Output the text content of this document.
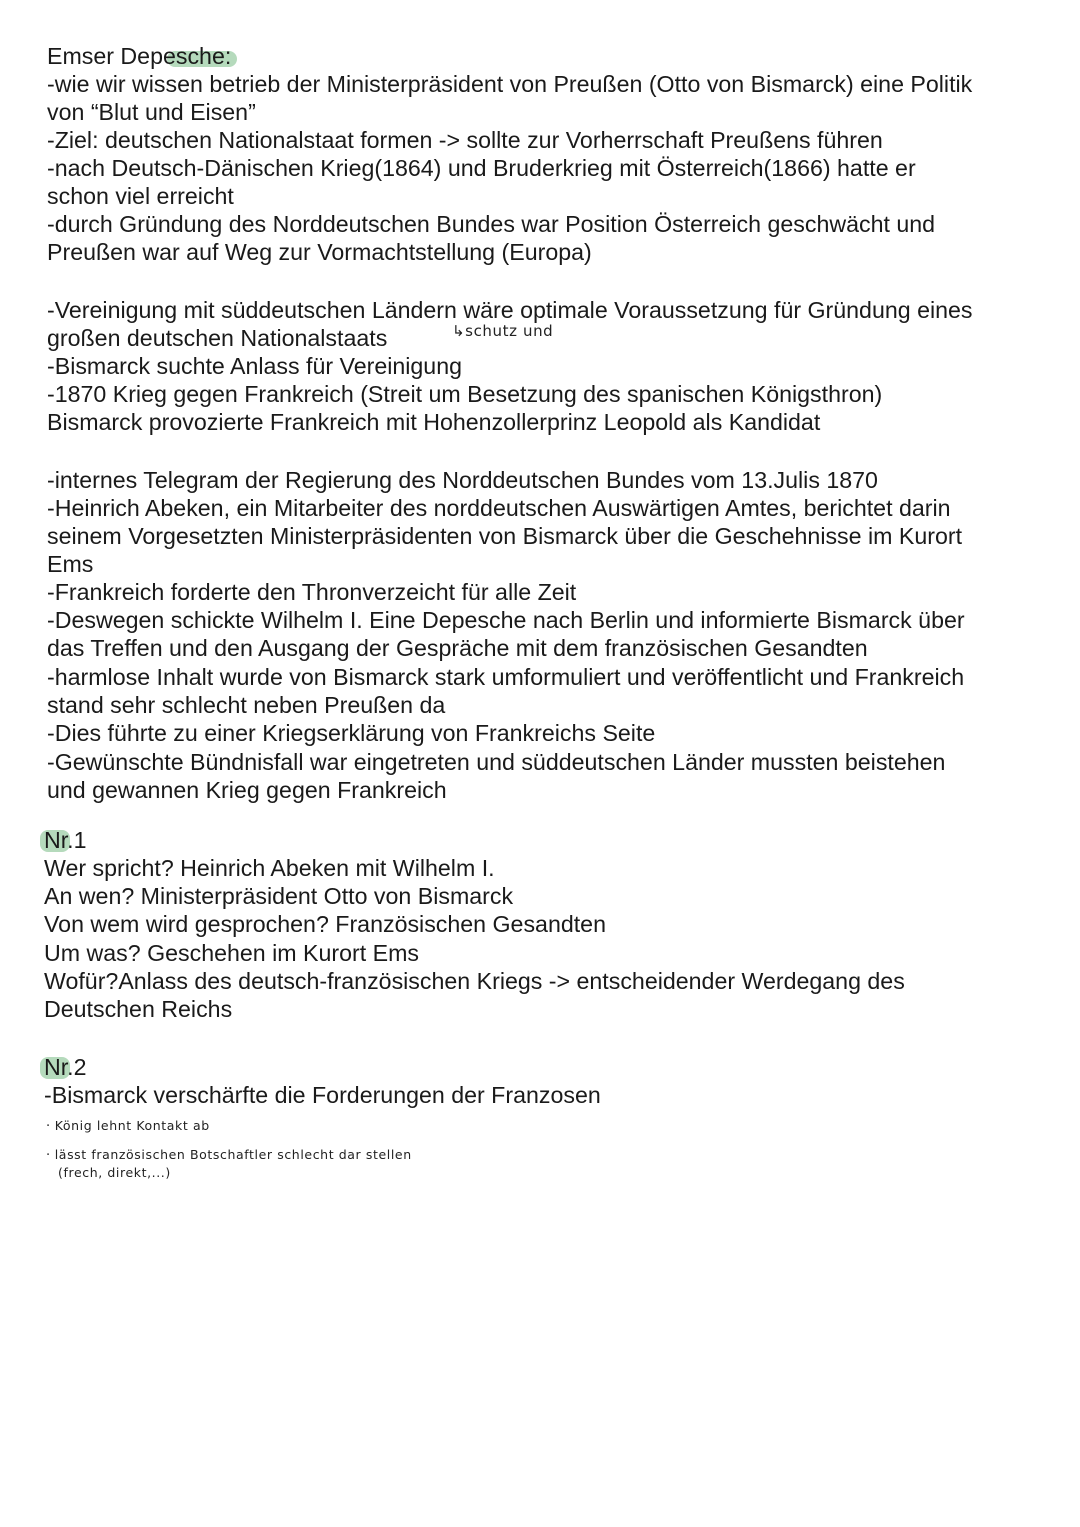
Emser Depesche:
-wie wir wissen betrieb der Ministerpräsident von Preußen (Otto von Bismarck) eine Politik
von “Blut und Eisen”
-Ziel: deutschen Nationalstaat formen -> sollte zur Vorherrschaft Preußens führen
-nach Deutsch-Dänischen Krieg(1864) und Bruderkrieg mit Österreich(1866) hatte er
schon viel erreicht
-durch Gründung des Norddeutschen Bundes war Position Österreich geschwächt und
Preußen war auf Weg zur Vormachtstellung (Europa)
-Vereinigung mit süddeutschen Ländern wäre optimale Voraussetzung für Gründung eines
großen deutschen Nationalstaats	↳schutz und
-Bismarck suchte Anlass für Vereinigung
-1870 Krieg gegen Frankreich (Streit um Besetzung des spanischen Königsthron)
Bismarck provozierte Frankreich mit Hohenzollerprinz Leopold als Kandidat
-internes Telegram der Regierung des Norddeutschen Bundes vom 13.Julis 1870
-Heinrich Abeken, ein Mitarbeiter des norddeutschen Auswärtigen Amtes, berichtet darin
seinem Vorgesetzten Ministerpräsidenten von Bismarck über die Geschehnisse im Kurort
Ems
-Frankreich forderte den Thronverzeicht für alle Zeit
-Deswegen schickte Wilhelm I. Eine Depesche nach Berlin und informierte Bismarck über
das Treffen und den Ausgang der Gespräche mit dem französischen Gesandten
-harmlose Inhalt wurde von Bismarck stark umformuliert und veröffentlicht und Frankreich
stand sehr schlecht neben Preußen da
-Dies führte zu einer Kriegserklärung von Frankreichs Seite
-Gewünschte Bündnisfall war eingetreten und süddeutschen Länder mussten beistehen
und gewannen Krieg gegen Frankreich
Nr.1
Wer spricht? Heinrich Abeken mit Wilhelm I.
An wen? Ministerpräsident Otto von Bismarck
Von wem wird gesprochen? Französischen Gesandten
Um was? Geschehen im Kurort Ems
Wofür?Anlass des deutsch-französischen Kriegs -> entscheidender Werdegang des
Deutschen Reichs
Nr.2
-Bismarck verschärfte die Forderungen der Franzosen
· König lehnt Kontakt ab
· lässt französischen Botschaftler schlecht dar stellen
(frech, direkt,...)
